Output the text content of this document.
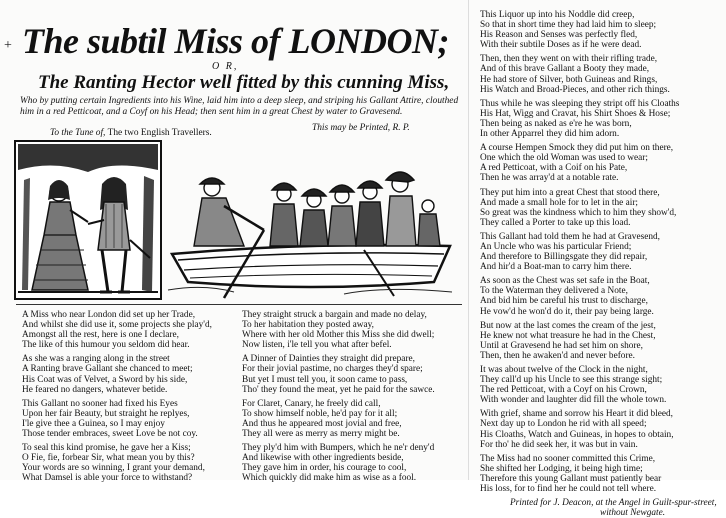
+ The subtil Miss of LONDON;
O R,
The Ranting Hector well fitted by this cunning Miss,
Who by putting certain Ingredients into his Wine, laid him into a deep sleep, and striping his Gallant Attire, clouthed him in a red Petticoat, and a Coyf on his Head; then sent him in a great Chest by water to Gravesend.
To the Tune of, The two English Travellers.	This may be Printed, R. P.
A Miss who near London did set up her Trade,
And whilst she did use it, some projects she play'd,
Amongst all the rest, here is one I declare,
The like of this humour you seldom did hear.
As she was a ranging along in the street
A Ranting brave Gallant she chanced to meet;
His Coat was of Velvet, a Sword by his side,
He feared no dangers, whatever betide.
This Gallant no sooner had fixed his Eyes
Upon her fair Beauty, but straight he replyes,
I'le give thee a Guinea, so I may enjoy
Those tender embraces, sweet Love be not coy.
To seal this kind promise, he gave her a Kiss;
O Fie, fie, forbear Sir, what mean you by this?
Your words are so winning, I grant your demand,
What Damsel is able your force to withstand?
They straight struck a bargain and made no delay,
To her habitation they posted away,
Where with her old Mother this Miss she did dwell;
Now listen, i'le tell you what after befel.
A Dinner of Dainties they straight did prepare,
For their jovial pastime, no charges they'd spare;
But yet I must tell you, it soon came to pass,
Tho' they found the meat, yet he paid for the sawce.
For Claret, Canary, he freely did call,
To show himself noble, he'd pay for it all;
And thus he appeared most jovial and free,
They all were as merry as merry might be.
They ply'd him with Bumpers, which he ne'r deny'd
And likewise with other ingredients beside,
They gave him in order, his courage to cool,
Which quickly did make him as wise as a fool.
This Liquor up into his Noddle did creep,
So that in short time they had laid him to sleep;
His Reason and Senses was perfectly fled,
With their subtile Doses as if he were dead.
Then, then they went on with their rifling trade,
And of this brave Gallant a Booty they made,
He had store of Silver, both Guineas and Rings,
His Watch and Broad-Pieces, and other rich things.
Thus while he was sleeping they stript off his Cloaths
His Hat, Wigg and Cravat, his Shirt Shoes & Hose;
Then being as naked as e're he was born,
In other Apparrel they did him adorn.
A course Hempen Smock they did put him on there,
One which the old Woman was used to wear;
A red Petticoat, with a Coif on his Pate,
Then he was array'd at a notable rate.
They put him into a great Chest that stood there,
And made a small hole for to let in the air;
So great was the kindness which to him they show'd,
They called a Porter to take up this load.
This Gallant had told them he had at Gravesend,
An Uncle who was his particular Friend;
And therefore to Billingsgate they did repair,
And hir'd a Boat-man to carry him there.
As soon as the Chest was set safe in the Boat,
To the Waterman they delivered a Note,
And bid him be careful his trust to discharge,
He vow'd he won'd do it, their pay being large.
But now at the last comes the cream of the jest,
He knew not what treasure he had in the Chest,
Until at Gravesend he had set him on shore,
Then, then he awaken'd and never before.
It was about twelve of the Clock in the night,
They call'd up his Uncle to see this strange sight;
The red Petticoat, with a Coyf on his Crown,
With wonder and laughter did fill the whole town.
With grief, shame and sorrow his Heart it did bleed,
Next day up to London he rid with all speed;
His Cloaths, Watch and Guineas, in hopes to obtain,
For tho' he did seek her, it was but in vain.
The Miss had no sooner committed this Crime,
She shifted her Lodging, it being high time;
Therefore this young Gallant must patiently bear
His loss, for to find her he could not tell where.
Printed for J. Deacon, at the Angel in Guilt-spur-street,
without Newgate.
